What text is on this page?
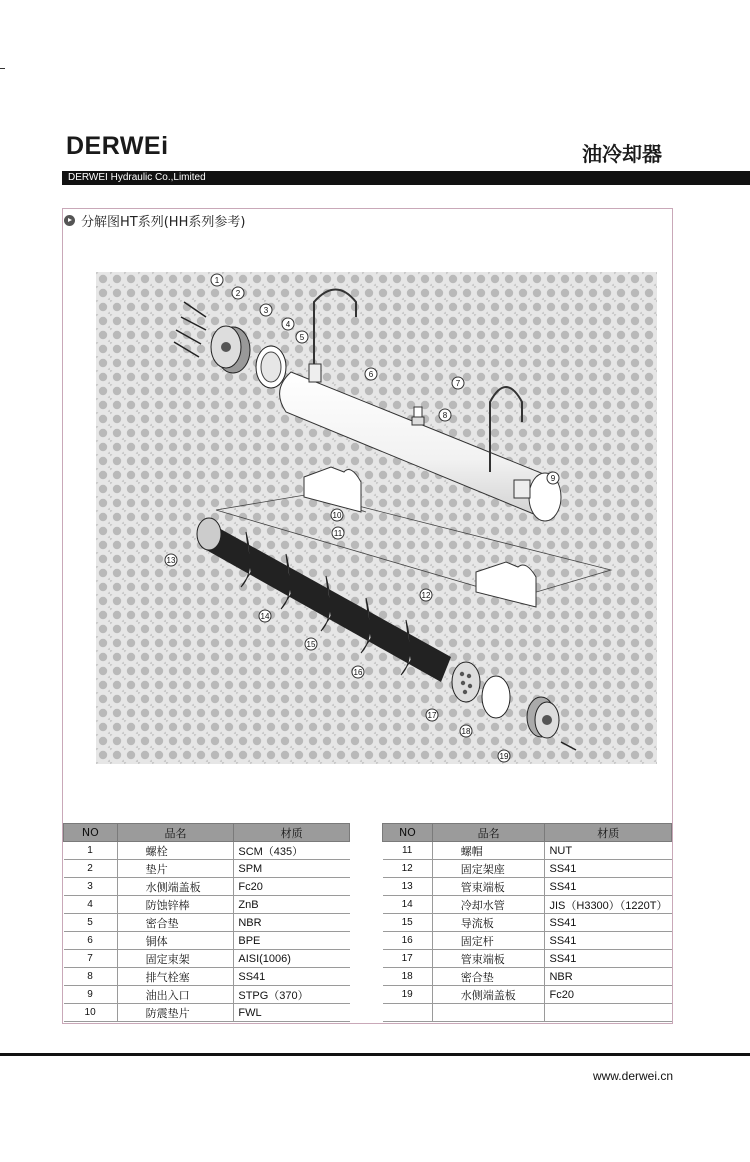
DERWEi	油冷却器
DERWEI Hydraulic Co.,Limited
分解图HT系列(HH系列参考)
1
2
3
4
5
6
7
8
9
10
11
12
13
14
15
16
17
18
19
NO	品名	材质
1	螺栓	SCM（435）
2	垫片	SPM
3	水侧端盖板	Fc20
4	防蚀锌棒	ZnB
5	密合垫	NBR
6	铜体	BPE
7	固定束架	AISI(1006)
8	排气栓塞	SS41
9	油出入口	STPG（370）
10	防震垫片	FWL
NO	品名	材质
11	螺帽	NUT
12	固定架座	SS41
13	管束端板	SS41
14	冷却水管	JIS（H3300）（1220T）
15	导流板	SS41
16	固定杆	SS41
17	管束端板	SS41
18	密合垫	NBR
19	水侧端盖板	Fc20

www.derwei.cn
